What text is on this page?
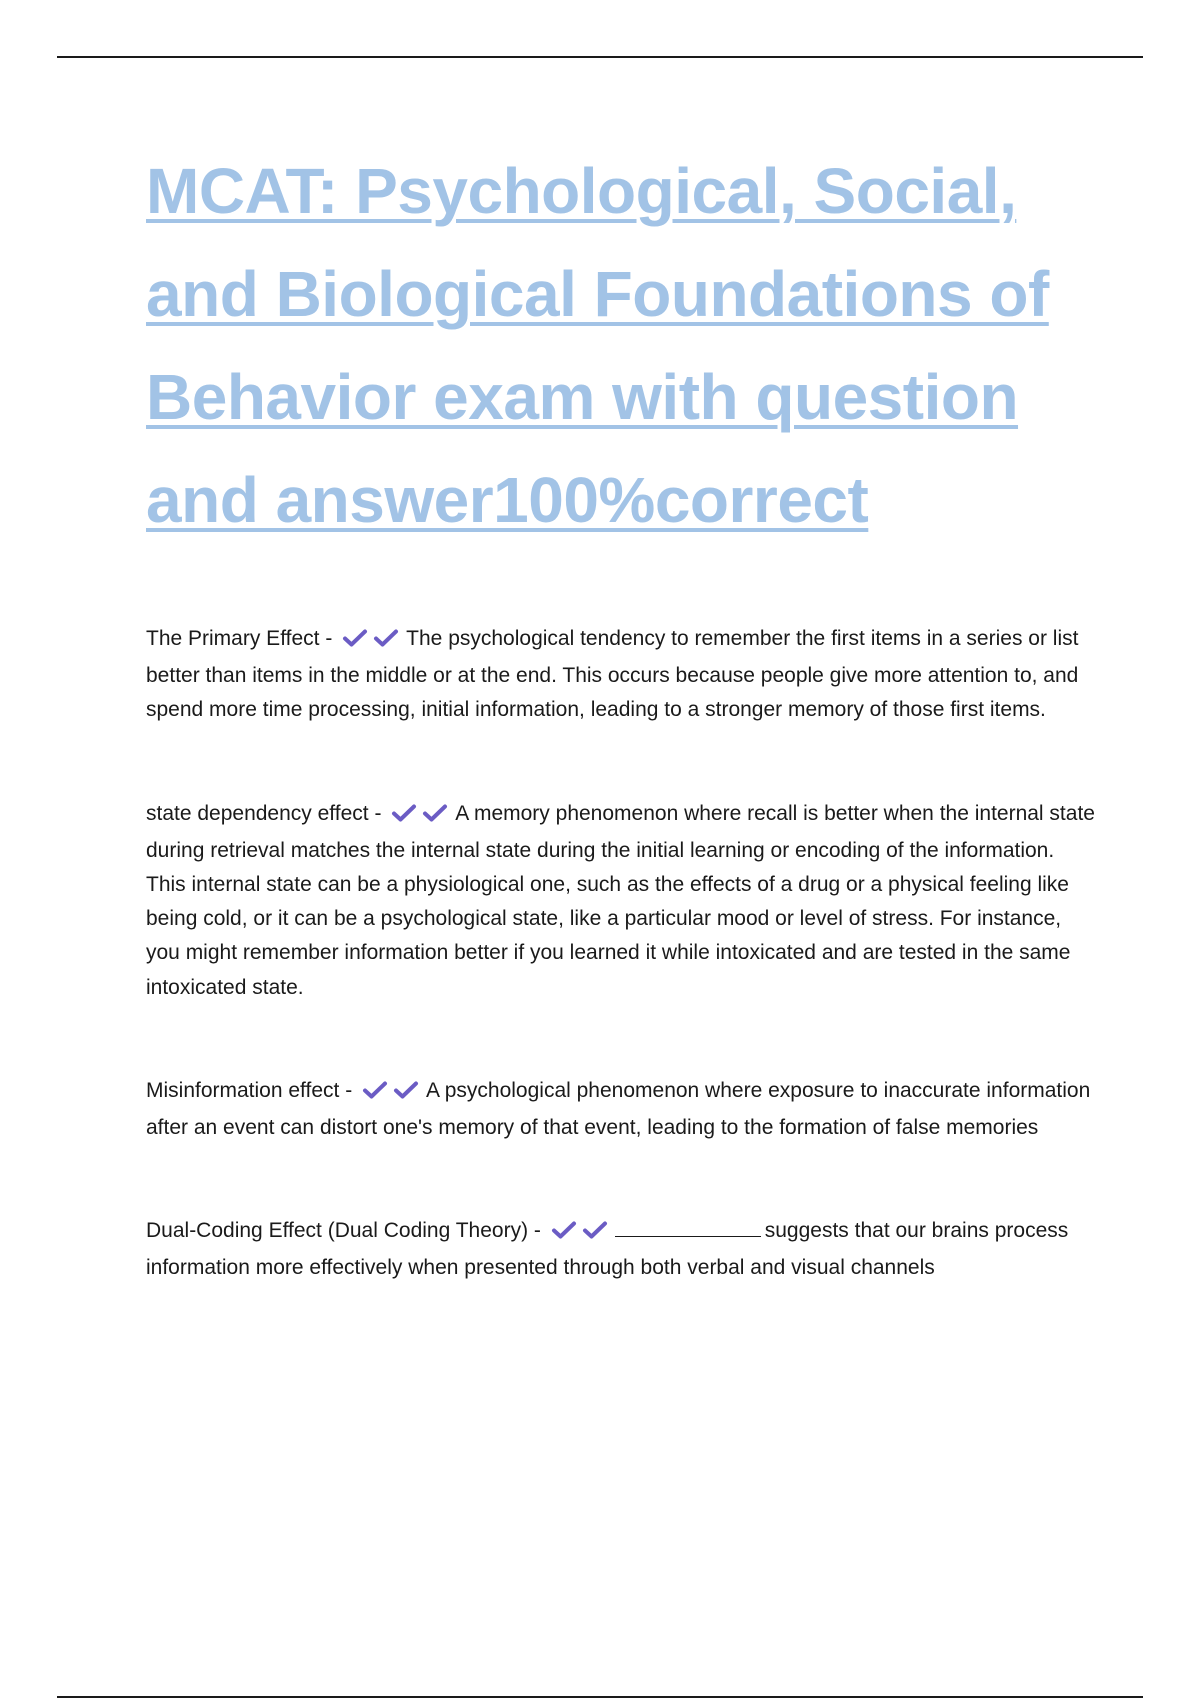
MCAT: Psychological, Social,
and Biological Foundations of
Behavior exam with question
and answer100%correct

The Primary Effect -	The psychological tendency to remember the first items in a series or list better than items in the middle or at the end. This occurs because people give more attention to, and spend more time processing, initial information, leading to a stronger memory of those first items.

state dependency effect -	A memory phenomenon where recall is better when the internal state during retrieval matches the internal state during the initial learning or encoding of the information. This internal state can be a physiological one, such as the effects of a drug or a physical feeling like being cold, or it can be a psychological state, like a particular mood or level of stress. For instance, you might remember information better if you learned it while intoxicated and are tested in the same intoxicated state.

Misinformation effect -	A psychological phenomenon where exposure to inaccurate information after an event can distort one's memory of that event, leading to the formation of false memories

Dual-Coding Effect (Dual Coding Theory) -	suggests that our brains process information more effectively when presented through both verbal and visual channels
